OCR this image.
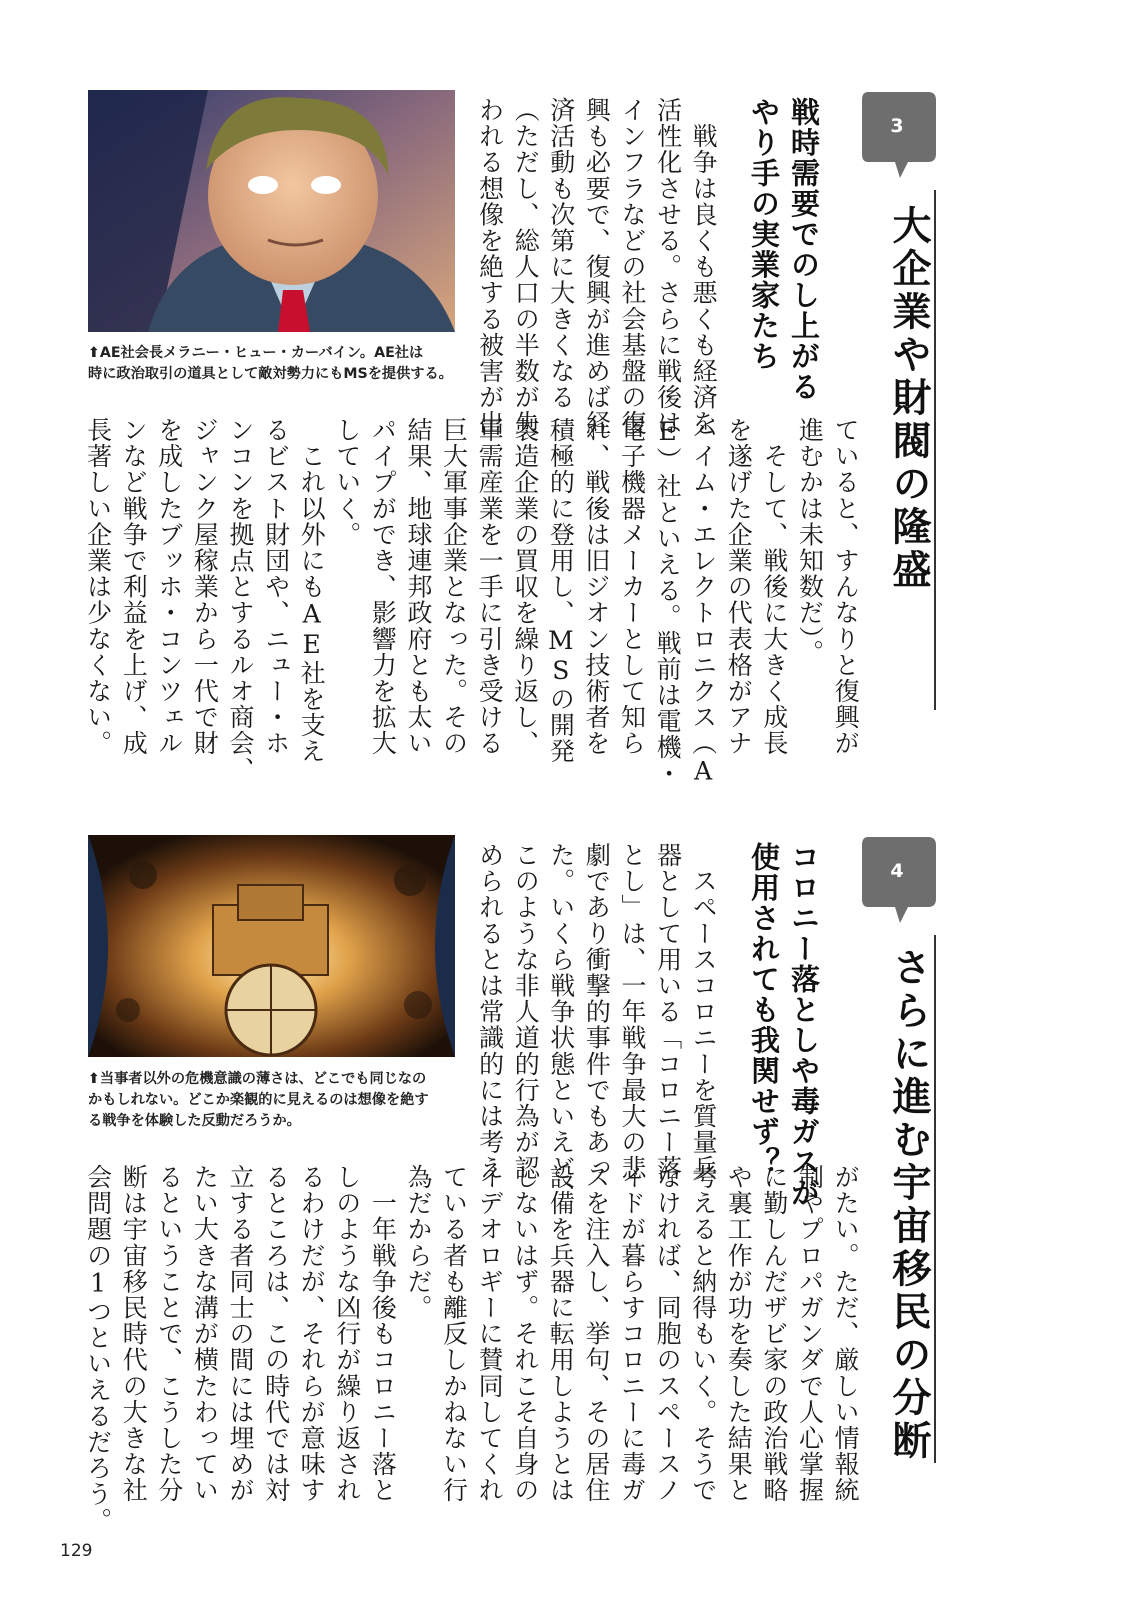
3
大企業や財閥の隆盛
戦時需要でのし上がる
やり手の実業家たち
　戦争は良くも悪くも経済を
活性化させる。さらに戦後は
インフラなどの社会基盤の復
興も必要で、復興が進めば経
済活動も次第に大きくなる
（ただし、総人口の半数が失
われる想像を絶する被害が出
⬆AE社会長メラニー・ヒュー・カーバイン。AE社は
時に政治取引の道具として敵対勢力にもMSを提供する。
ていると、すんなりと復興が
進むかは未知数だ）。
　そして、戦後に大きく成長
を遂げた企業の代表格がアナ
ハイム・エレクトロニクス（A
E）社といえる。戦前は電機・
電子機器メーカーとして知ら
れ、戦後は旧ジオン技術者を
積極的に登用し、MSの開発
製造企業の買収を繰り返し、
軍需産業を一手に引き受ける
巨大軍事企業となった。その
結果、地球連邦政府とも太い
パイプができ、影響力を拡大
していく。
　これ以外にもAE社を支え
るビスト財団や、ニュー・ホ
ンコンを拠点とするルオ商会、
ジャンク屋稼業から一代で財
を成したブッホ・コンツェル
ンなど戦争で利益を上げ、成
長著しい企業は少なくない。
4
さらに進む宇宙移民の分断
コロニー落としや毒ガスが
使用されても我関せず？
　スペースコロニーを質量兵
器として用いる「コロニー落
とし」は、一年戦争最大の悲
劇であり衝撃的事件でもあっ
た。いくら戦争状態といえど、
このような非人道的行為が認
められるとは常識的には考え
⬆当事者以外の危機意識の薄さは、どこでも同じなの
かもしれない。どこか楽観的に見えるのは想像を絶す
る戦争を体験した反動だろうか。
がたい。ただ、厳しい情報統
制やプロパガンダで人心掌握
に勤しんだザビ家の政治戦略
や裏工作が功を奏した結果と
考えると納得もいく。そうで
なければ、同胞のスペースノ
イドが暮らすコロニーに毒ガ
スを注入し、挙句、その居住
設備を兵器に転用しようとは
しないはず。それこそ自身の
イデオロギーに賛同してくれ
ている者も離反しかねない行
為だからだ。
　一年戦争後もコロニー落と
しのような凶行が繰り返され
るわけだが、それらが意味す
るところは、この時代では対
立する者同士の間には埋めが
たい大きな溝が横たわってい
るということで、こうした分
断は宇宙移民時代の大きな社
会問題の1つといえるだろう。
129
